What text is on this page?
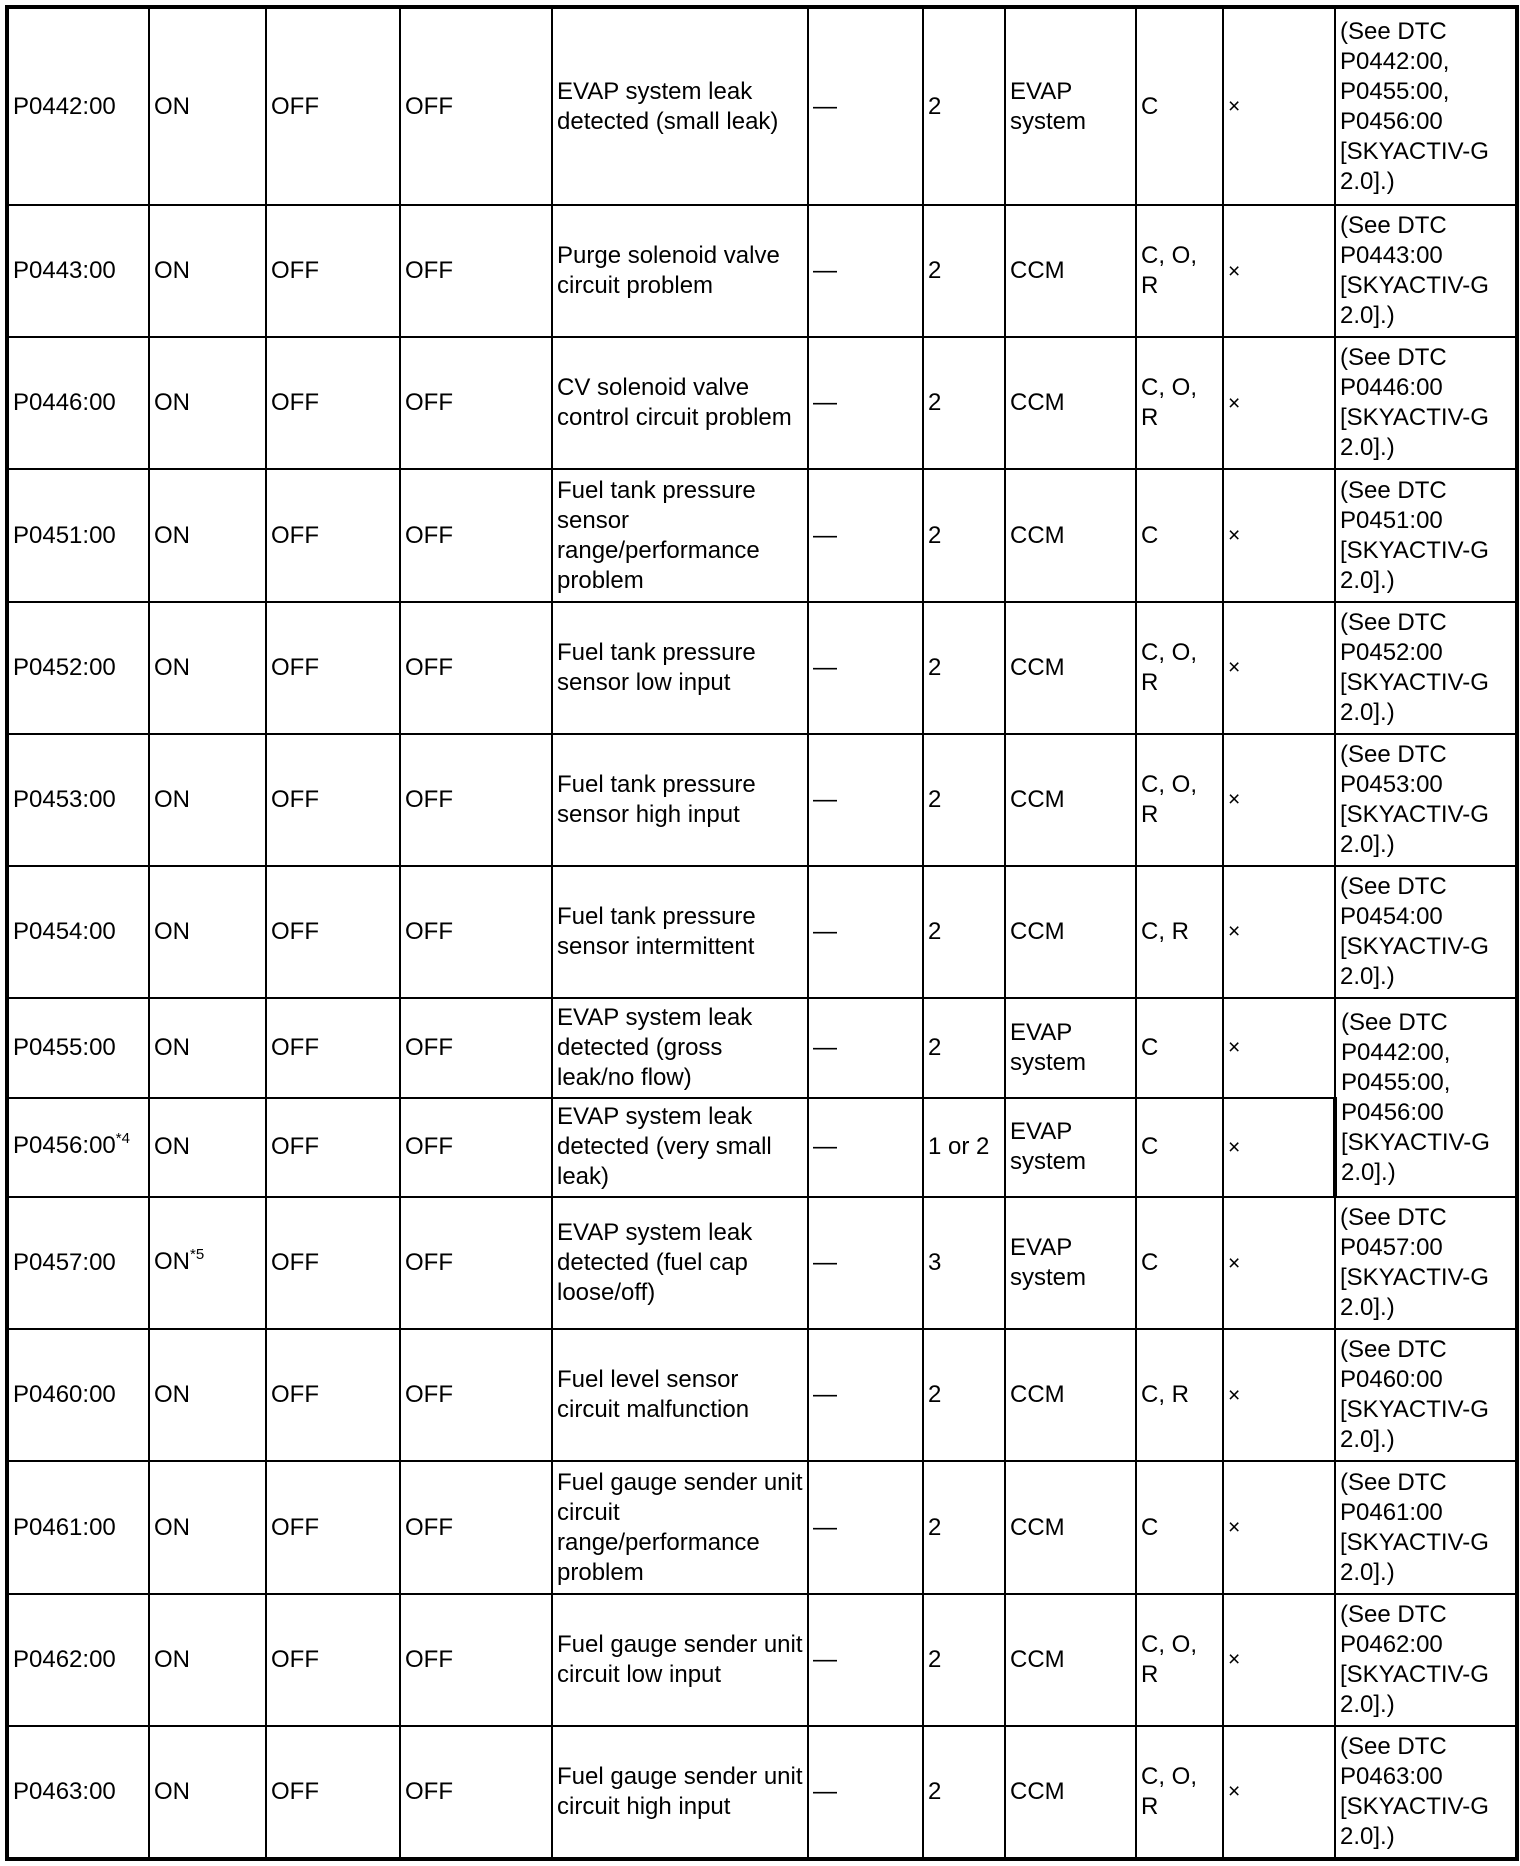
P0442:00	ON	OFF	OFF	EVAP system leak detected (small leak)	—	2	EVAP system	C	×	(See DTC P0442:00, P0455:00, P0456:00 [SKYACTIV-G 2.0].)
P0443:00	ON	OFF	OFF	Purge solenoid valve circuit problem	—	2	CCM	C, O, R	×	(See DTC P0443:00 [SKYACTIV-G 2.0].)
P0446:00	ON	OFF	OFF	CV solenoid valve control circuit problem	—	2	CCM	C, O, R	×	(See DTC P0446:00 [SKYACTIV-G 2.0].)
P0451:00	ON	OFF	OFF	Fuel tank pressure sensor range/performance problem	—	2	CCM	C	×	(See DTC P0451:00 [SKYACTIV-G 2.0].)
P0452:00	ON	OFF	OFF	Fuel tank pressure sensor low input	—	2	CCM	C, O, R	×	(See DTC P0452:00 [SKYACTIV-G 2.0].)
P0453:00	ON	OFF	OFF	Fuel tank pressure sensor high input	—	2	CCM	C, O, R	×	(See DTC P0453:00 [SKYACTIV-G 2.0].)
P0454:00	ON	OFF	OFF	Fuel tank pressure sensor intermittent	—	2	CCM	C, R	×	(See DTC P0454:00 [SKYACTIV-G 2.0].)
P0455:00	ON	OFF	OFF	EVAP system leak detected (gross leak/no flow)	—	2	EVAP system	C	×	(See DTC P0442:00, P0455:00, P0456:00 [SKYACTIV-G 2.0].)
P0456:00$^{*4}$	ON	OFF	OFF	EVAP system leak detected (very small leak)	—	1 or 2	EVAP system	C	×	
P0457:00	ON$^{*5}$	OFF	OFF	EVAP system leak detected (fuel cap loose/off)	—	3	EVAP system	C	×	(See DTC P0457:00 [SKYACTIV-G 2.0].)
P0460:00	ON	OFF	OFF	Fuel level sensor circuit malfunction	—	2	CCM	C, R	×	(See DTC P0460:00 [SKYACTIV-G 2.0].)
P0461:00	ON	OFF	OFF	Fuel gauge sender unit circuit range/performance problem	—	2	CCM	C	×	(See DTC P0461:00 [SKYACTIV-G 2.0].)
P0462:00	ON	OFF	OFF	Fuel gauge sender unit circuit low input	—	2	CCM	C, O, R	×	(See DTC P0462:00 [SKYACTIV-G 2.0].)
P0463:00	ON	OFF	OFF	Fuel gauge sender unit circuit high input	—	2	CCM	C, O, R	×	(See DTC P0463:00 [SKYACTIV-G 2.0].)
